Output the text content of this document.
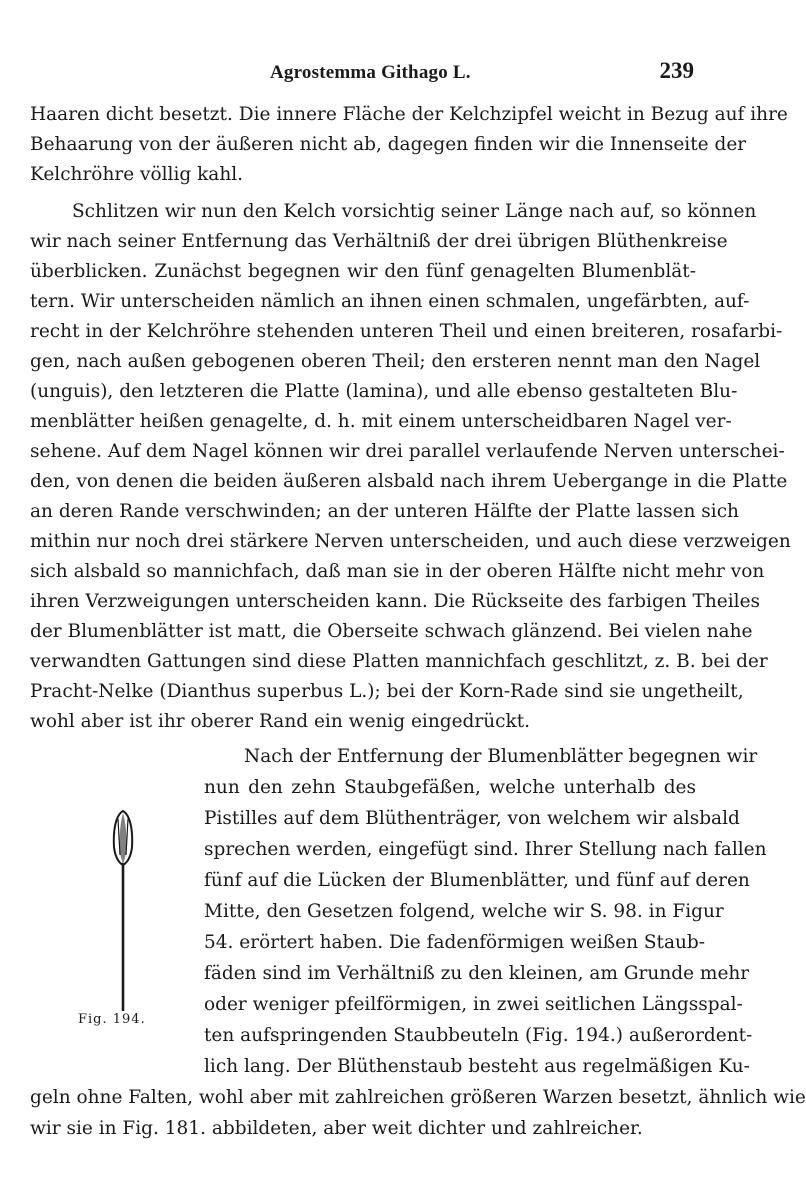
Agrostemma Githago L.	239
Haaren dicht besetzt. Die innere Fläche der Kelchzipfel weicht in Bezug auf ihre
Behaarung von der äußeren nicht ab, dagegen finden wir die Innenseite der
Kelchröhre völlig kahl.
Schlitzen wir nun den Kelch vorsichtig seiner Länge nach auf, so können
wir nach seiner Entfernung das Verhältniß der drei übrigen Blüthenkreise
überblicken. Zunächst begegnen wir den fünf genagelten Blumenblät-
tern. Wir unterscheiden nämlich an ihnen einen schmalen, ungefärbten, auf-
recht in der Kelchröhre stehenden unteren Theil und einen breiteren, rosafarbi-
gen, nach außen gebogenen oberen Theil; den ersteren nennt man den Nagel
(unguis), den letzteren die Platte (lamina), und alle ebenso gestalteten Blu-
menblätter heißen genagelte, d. h. mit einem unterscheidbaren Nagel ver-
sehene. Auf dem Nagel können wir drei parallel verlaufende Nerven unterschei-
den, von denen die beiden äußeren alsbald nach ihrem Uebergange in die Platte
an deren Rande verschwinden; an der unteren Hälfte der Platte lassen sich
mithin nur noch drei stärkere Nerven unterscheiden, und auch diese verzweigen
sich alsbald so mannichfach, daß man sie in der oberen Hälfte nicht mehr von
ihren Verzweigungen unterscheiden kann. Die Rückseite des farbigen Theiles
der Blumenblätter ist matt, die Oberseite schwach glänzend. Bei vielen nahe
verwandten Gattungen sind diese Platten mannichfach geschlitzt, z. B. bei der
Pracht-Nelke (Dianthus superbus L.); bei der Korn-Rade sind sie ungetheilt,
wohl aber ist ihr oberer Rand ein wenig eingedrückt.
Nach der Entfernung der Blumenblätter begegnen wir
nun den zehn Staubgefäßen, welche unterhalb des
Pistilles auf dem Blüthenträger, von welchem wir alsbald
sprechen werden, eingefügt sind. Ihrer Stellung nach fallen
fünf auf die Lücken der Blumenblätter, und fünf auf deren
Mitte, den Gesetzen folgend, welche wir S. 98. in Figur
54. erörtert haben. Die fadenförmigen weißen Staub-
fäden sind im Verhältniß zu den kleinen, am Grunde mehr
oder weniger pfeilförmigen, in zwei seitlichen Längsspal-
ten aufspringenden Staubbeuteln (Fig. 194.) außerordent-
lich lang. Der Blüthenstaub besteht aus regelmäßigen Ku-
geln ohne Falten, wohl aber mit zahlreichen größeren Warzen besetzt, ähnlich wie
wir sie in Fig. 181. abbildeten, aber weit dichter und zahlreicher.
Fig. 194.
